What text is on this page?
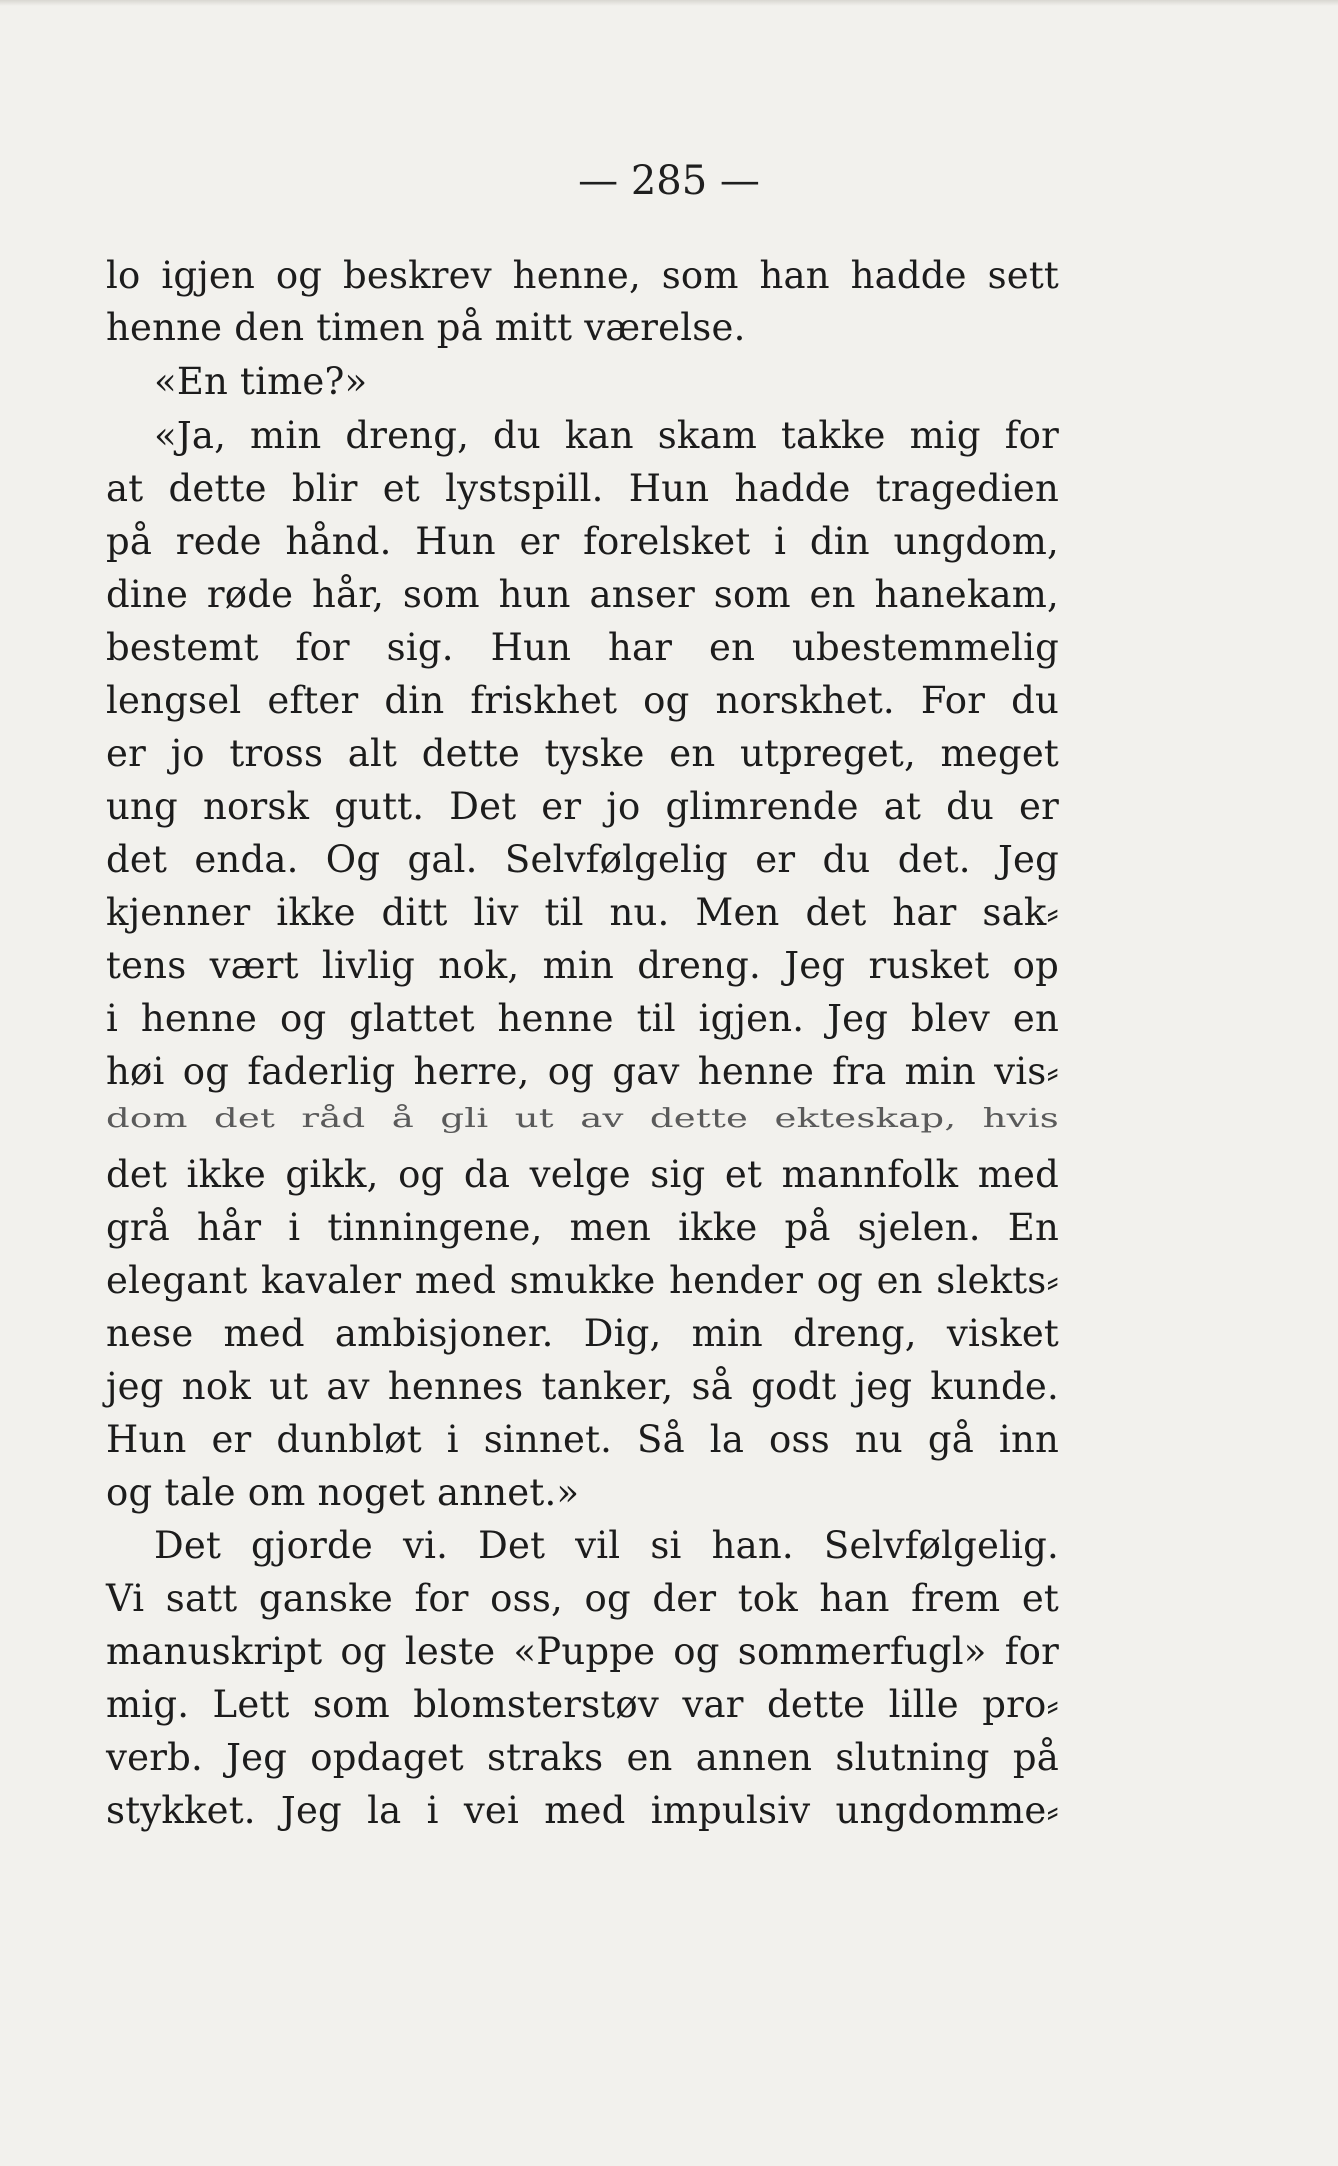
— 285 —
lo igjen og beskrev henne, som han hadde sett
henne den timen på mitt værelse.
«En time?»
«Ja, min dreng, du kan skam takke mig for
at dette blir et lystspill. Hun hadde tragedien
på rede hånd. Hun er forelsket i din ungdom,
dine røde hår, som hun anser som en hanekam,
bestemt for sig. Hun har en ubestemmelig
lengsel efter din friskhet og norskhet. For du
er jo tross alt dette tyske en utpreget, meget
ung norsk gutt. Det er jo glimrende at du er
det enda. Og gal. Selvfølgelig er du det. Jeg
kjenner ikke ditt liv til nu. Men det har sak⸗
tens vært livlig nok, min dreng. Jeg rusket op
i henne og glattet henne til igjen. Jeg blev en
høi og faderlig herre, og gav henne fra min vis⸗
dom det råd å gli ut av dette ekteskap, hvis
det ikke gikk, og da velge sig et mannfolk med
grå hår i tinningene, men ikke på sjelen. En
elegant kavaler med smukke hender og en slekts⸗
nese med ambisjoner. Dig, min dreng, visket
jeg nok ut av hennes tanker, så godt jeg kunde.
Hun er dunbløt i sinnet. Så la oss nu gå inn
og tale om noget annet.»
Det gjorde vi. Det vil si han. Selvfølgelig.
Vi satt ganske for oss, og der tok han frem et
manuskript og leste «Puppe og sommerfugl» for
mig. Lett som blomsterstøv var dette lille pro⸗
verb. Jeg opdaget straks en annen slutning på
stykket. Jeg la i vei med impulsiv ungdomme⸗
